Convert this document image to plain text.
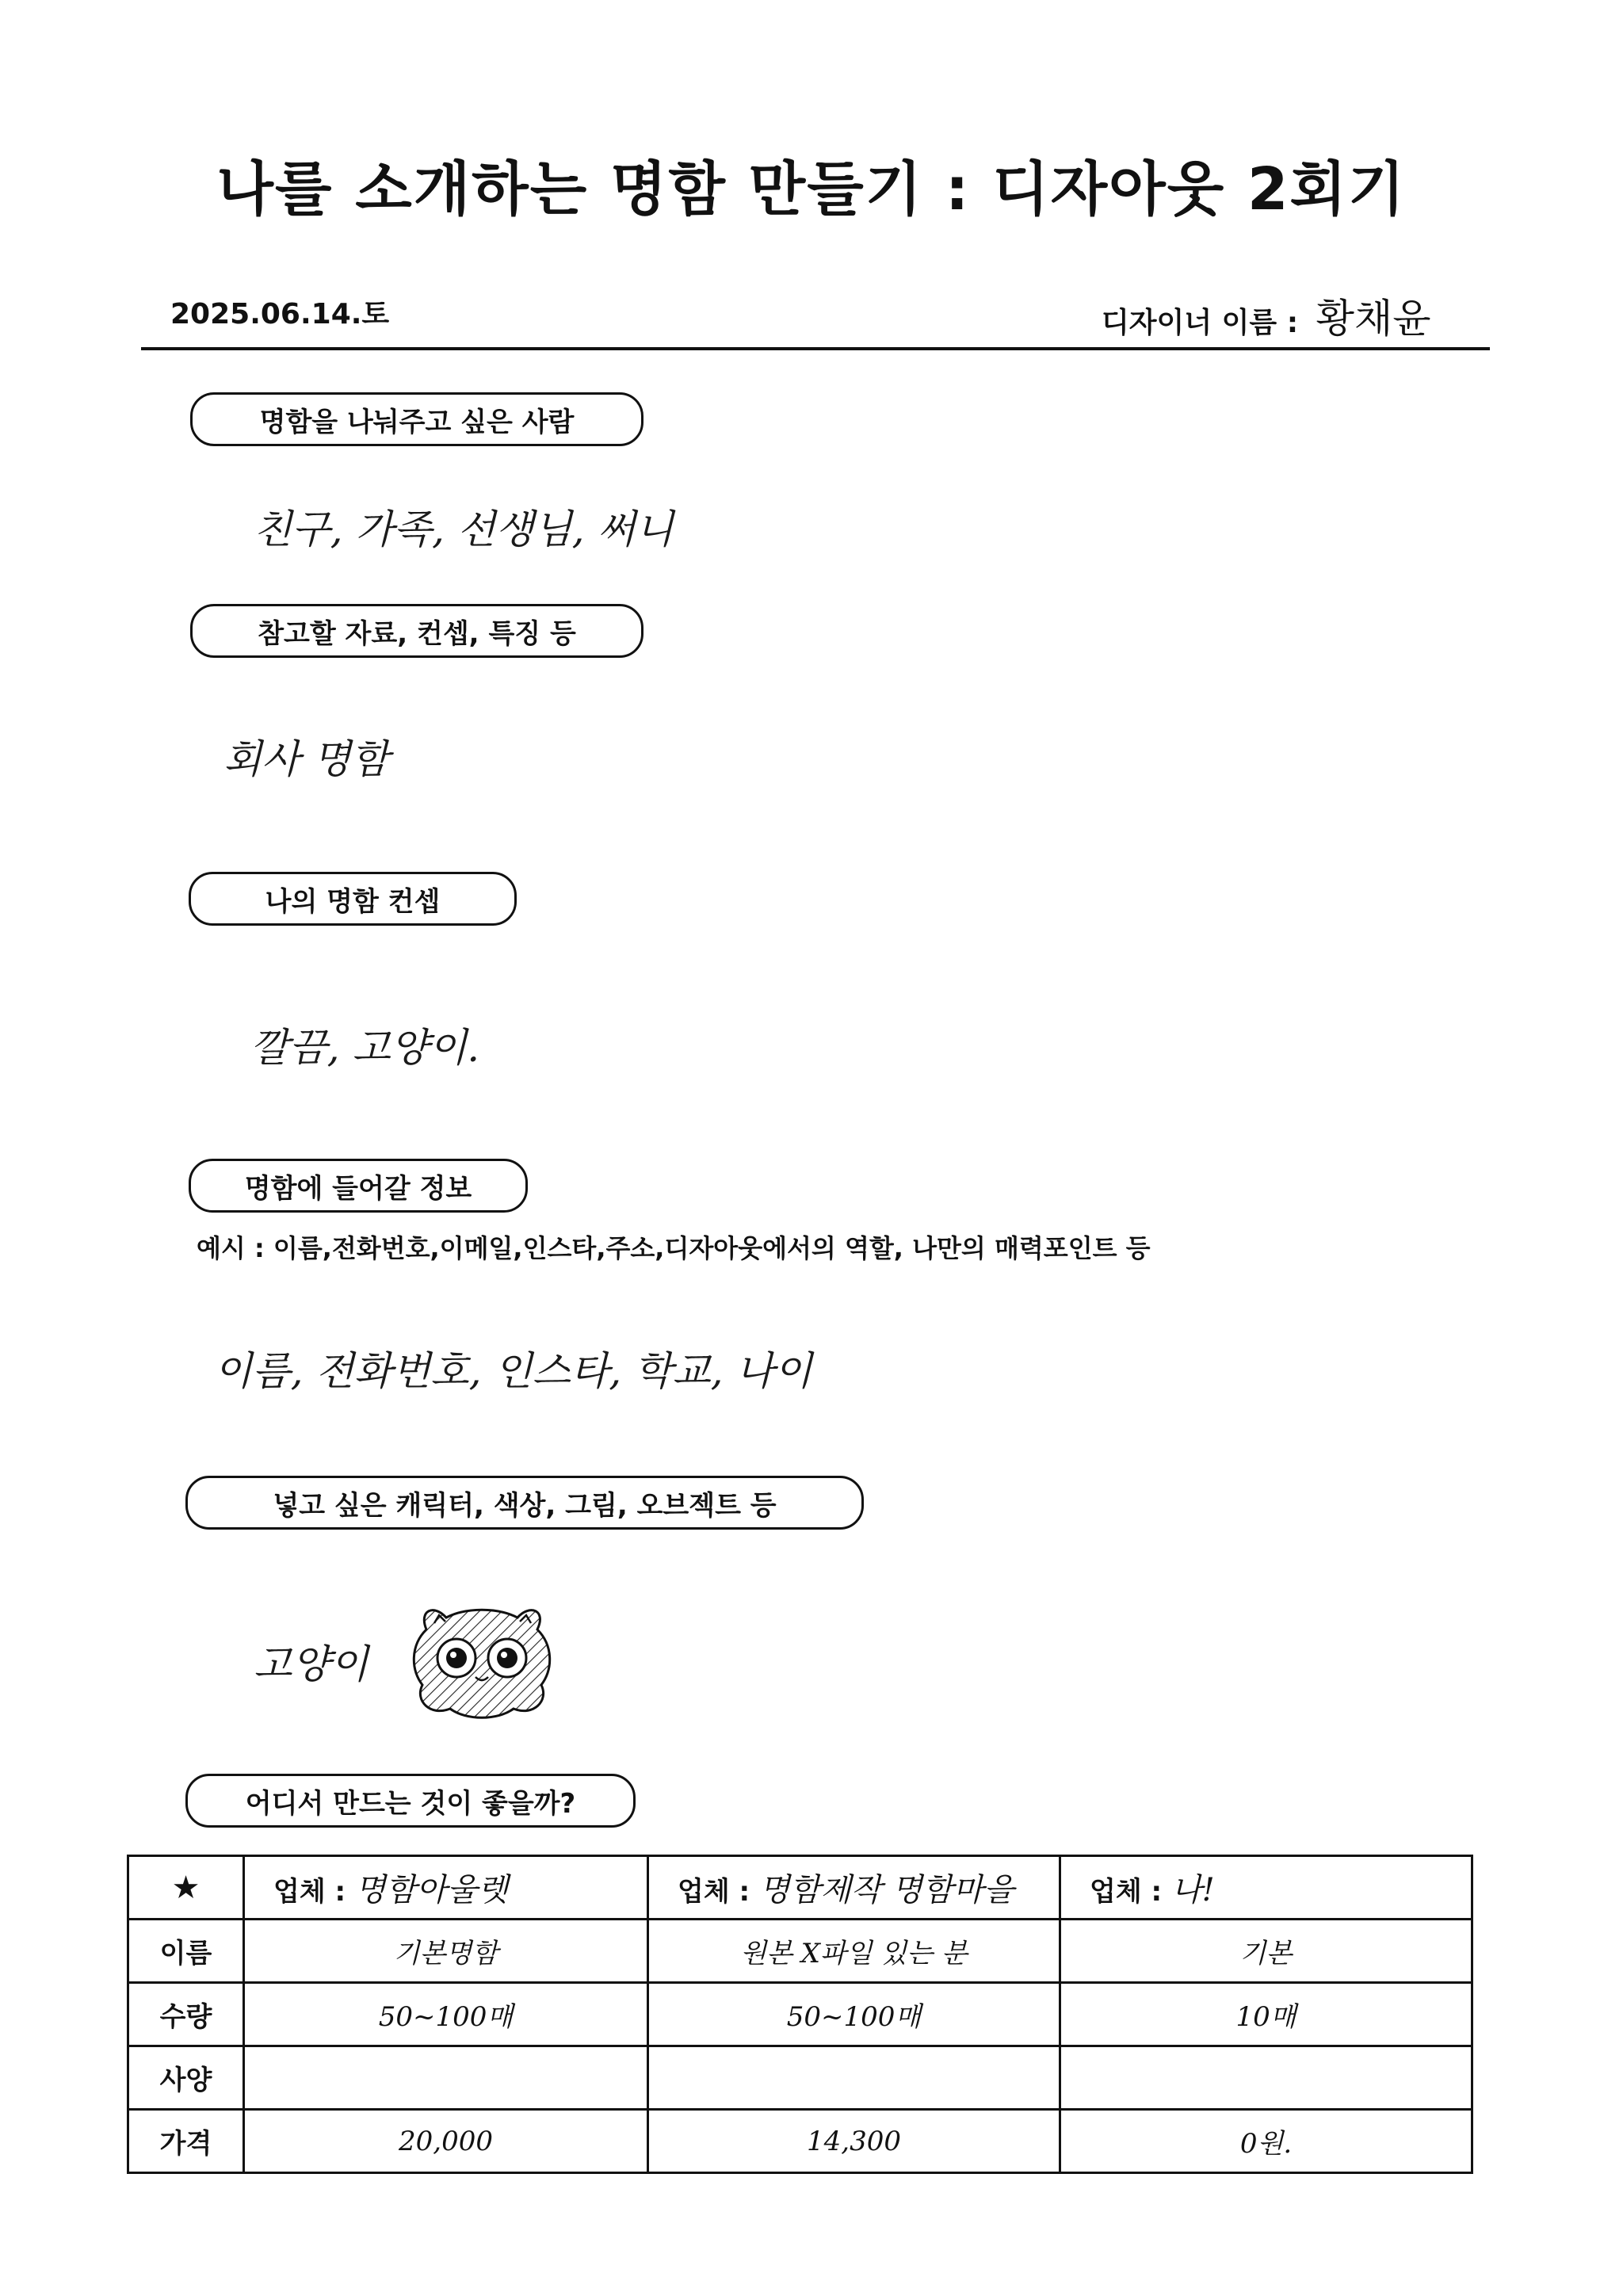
나를 소개하는 명함 만들기 : 디자아웃 2회기
2025.06.14.토	디자이너 이름 : 황채윤
명함을 나눠주고 싶은 사람
친구, 가족, 선생님, 써니
참고할 자료, 컨셉, 특징 등
회사 명함
나의 명함 컨셉
깔끔, 고양이.
명함에 들어갈 정보
예시 : 이름,전화번호,이메일,인스타,주소,디자아웃에서의 역할, 나만의 매력포인트 등
이름, 전화번호, 인스타, 학교, 나이
넣고 싶은 캐릭터, 색상, 그림, 오브젝트 등
고양이
어디서 만드는 것이 좋을까?
★	업체 : 명함아울렛	업체 : 명함제작 명함마을	업체 : 나!
이름	기본명함	원본 X파일 있는 분	기본
수량	50~100매	50~100매	10매
사양			
가격	20,000	14,300	0원.
